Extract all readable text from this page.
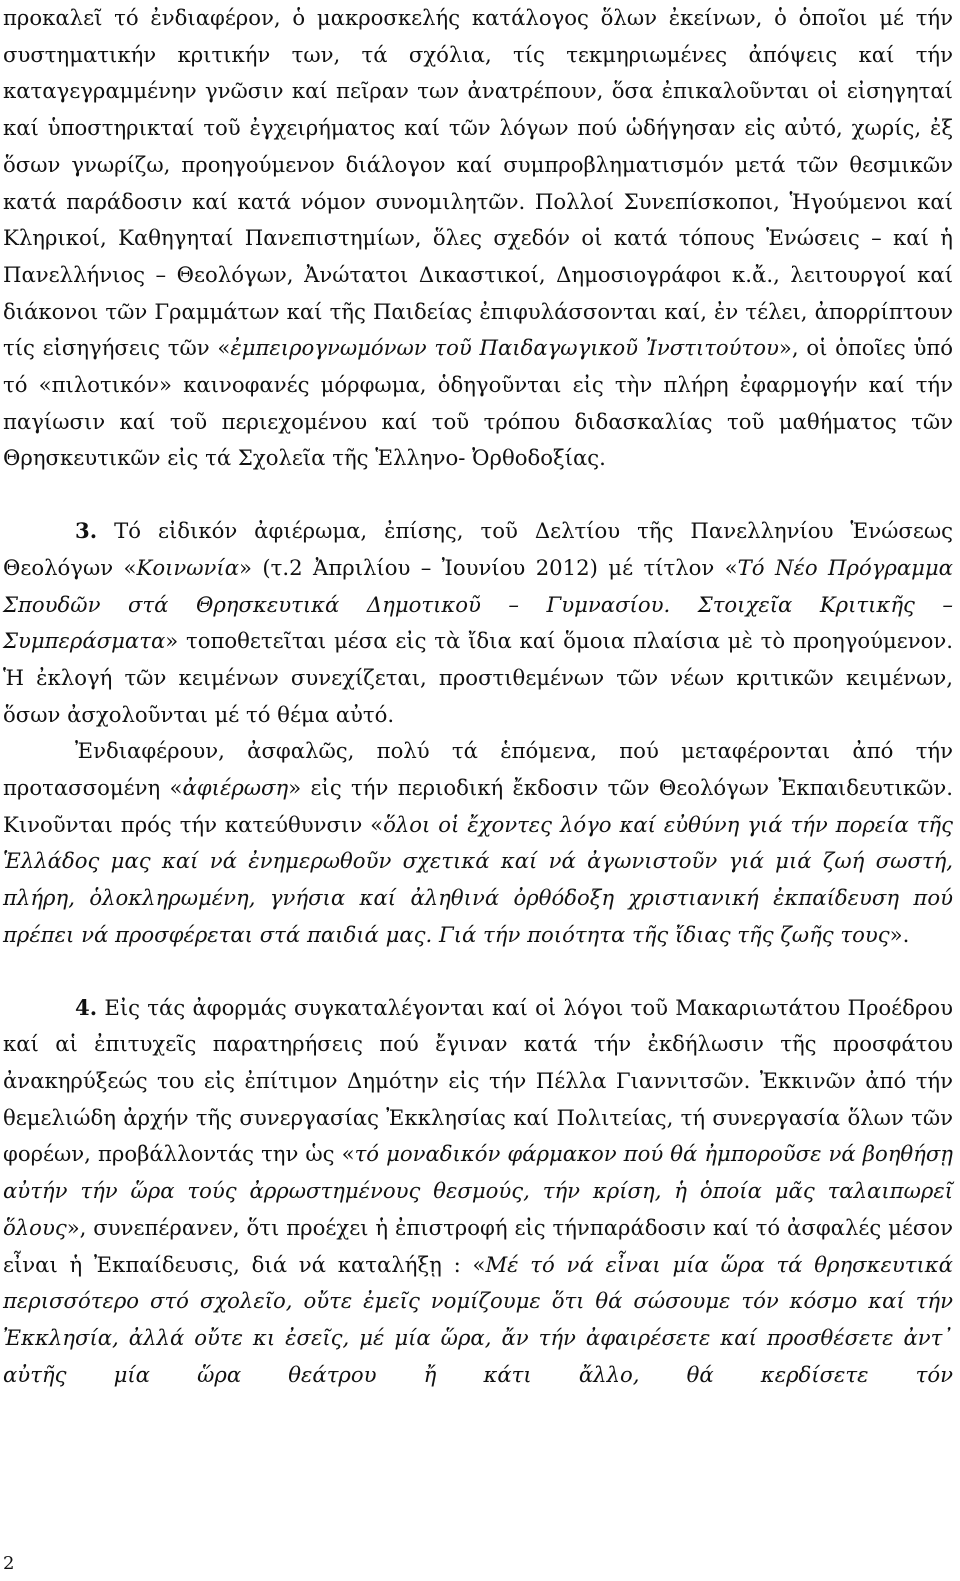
προκαλεῖ τό ἐνδιαφέρον, ὁ μακροσκελής κατάλογος ὅλων ἐκείνων, ὁ ὁποῖοι μέ τήν συστηματικήν κριτικήν των, τά σχόλια, τίς τεκμηριωμένες ἀπόψεις καί τήν καταγεγραμμένην γνῶσιν καί πεῖραν των ἀνατρέπουν, ὅσα ἐπικαλοῦνται οἱ εἰσηγηταί καί ὑποστηρικταί τοῦ ἐγχειρήματος καί τῶν λόγων πού ὡδήγησαν εἰς αὐτό, χωρίς, ἐξ ὅσων γνωρίζω, προηγούμενον διάλογον καί συμπροβληματισμόν μετά τῶν θεσμικῶν κατά παράδοσιν καί κατά νόμον συνομιλητῶν. Πολλοί Συνεπίσκοποι, Ἡγούμενοι καί Κληρικοί, Καθηγηταί Πανεπιστημίων, ὅλες σχεδόν οἱ κατά τόπους Ἑνώσεις – καί ἡ Πανελλήνιος – Θεολόγων, Ἀνώτατοι Δικαστικοί, Δημοσιογράφοι κ.ἄ., λειτουργοί καί διάκονοι τῶν Γραμμάτων καί τῆς Παιδείας ἐπιφυλάσσονται καί, ἐν τέλει, ἀπορρίπτουν τίς εἰσηγήσεις τῶν «ἐμπειρογνωμόνων τοῦ Παιδαγωγικοῦ Ἰνστιτούτου», οἱ ὁποῖες ὑπό τό «πιλοτικόν» καινοφανές μόρφωμα, ὁδηγοῦνται εἰς τὴν πλήρη ἐφαρμογήν καί τήν παγίωσιν καί τοῦ περιεχομένου καί τοῦ τρόπου διδασκαλίας τοῦ μαθήματος τῶν Θρησκευτικῶν εἰς τά Σχολεῖα τῆς Ἑλληνο- Ὀρθοδοξίας.

3. Τό εἰδικόν ἀφιέρωμα, ἐπίσης, τοῦ Δελτίου τῆς Πανελληνίου Ἑνώσεως Θεολόγων «Κοινωνία» (τ.2 Ἀπριλίου – Ἰουνίου 2012) μέ τίτλον «Τό Νέο Πρόγραμμα Σπουδῶν στά Θρησκευτικά Δημοτικοῦ – Γυμνασίου. Στοιχεῖα Κριτικῆς – Συμπεράσματα» τοποθετεῖται μέσα εἰς τὰ ἴδια καί ὅμοια πλαίσια μὲ τὸ προηγούμενον. Ἡ ἐκλογή τῶν κειμένων συνεχίζεται, προστιθεμένων τῶν νέων κριτικῶν κειμένων, ὅσων ἀσχολοῦνται μέ τό θέμα αὐτό.

Ἐνδιαφέρουν, ἀσφαλῶς, πολύ τά ἑπόμενα, πού μεταφέρονται ἀπό τήν προτασσομένη «ἀφιέρωση» εἰς τήν περιοδική ἔκδοσιν τῶν Θεολόγων Ἐκπαιδευτικῶν. Κινοῦνται πρός τήν κατεύθυνσιν «ὅλοι οἱ ἔχοντες λόγο καί εὐθύνη γιά τήν πορεία τῆς Ἑλλάδος μας καί νά ἐνημερωθοῦν σχετικά καί νά ἀγωνιστοῦν γιά μιά ζωή σωστή, πλήρη, ὁλοκληρωμένη, γνήσια καί ἀληθινά ὀρθόδοξη χριστιανική ἐκπαίδευση πού πρέπει νά προσφέρεται στά παιδιά μας. Γιά τήν ποιότητα τῆς ἴδιας τῆς ζωῆς τους».

4. Εἰς τάς ἀφορμάς συγκαταλέγονται καί οἱ λόγοι τοῦ Μακαριωτάτου Προέδρου καί αἱ ἐπιτυχεῖς παρατηρήσεις πού ἔγιναν κατά τήν ἐκδήλωσιν τῆς προσφάτου ἀνακηρύξεώς του εἰς ἐπίτιμον Δημότην εἰς τήν Πέλλα Γιαννιτσῶν. Ἐκκινῶν ἀπό τήν θεμελιώδη ἀρχήν τῆς συνεργασίας Ἐκκλησίας καί Πολιτείας, τή συνεργασία ὅλων τῶν φορέων, προβάλλοντάς την ὡς «τό μοναδικόν φάρμακον πού θά ἠμποροῦσε νά βοηθήσῃ αὐτήν τήν ὥρα τούς ἀρρωστημένους θεσμούς, τήν κρίση, ἡ ὁποία μᾶς ταλαιπωρεῖ ὅλους», συνεπέρανεν, ὅτι προέχει ἡ ἐπιστροφή εἰς τήνπαράδοσιν καί τό ἀσφαλές μέσον εἶναι ἡ Ἐκπαίδευσις, διά νά καταλήξῃ : «Μέ τό νά εἶναι μία ὥρα τά θρησκευτικά περισσότερο στό σχολεῖο, οὔτε ἐμεῖς νομίζουμε ὅτι θά σώσουμε τόν κόσμο καί τήν Ἐκκλησία, ἀλλά οὔτε κι ἐσεῖς, μέ μία ὥρα, ἄν τήν ἀφαιρέσετε καί προσθέσετε ἀντ᾽ αὐτῆς μία ὥρα θεάτρου ἤ κάτι ἄλλο, θά κερδίσετε τόν

2
